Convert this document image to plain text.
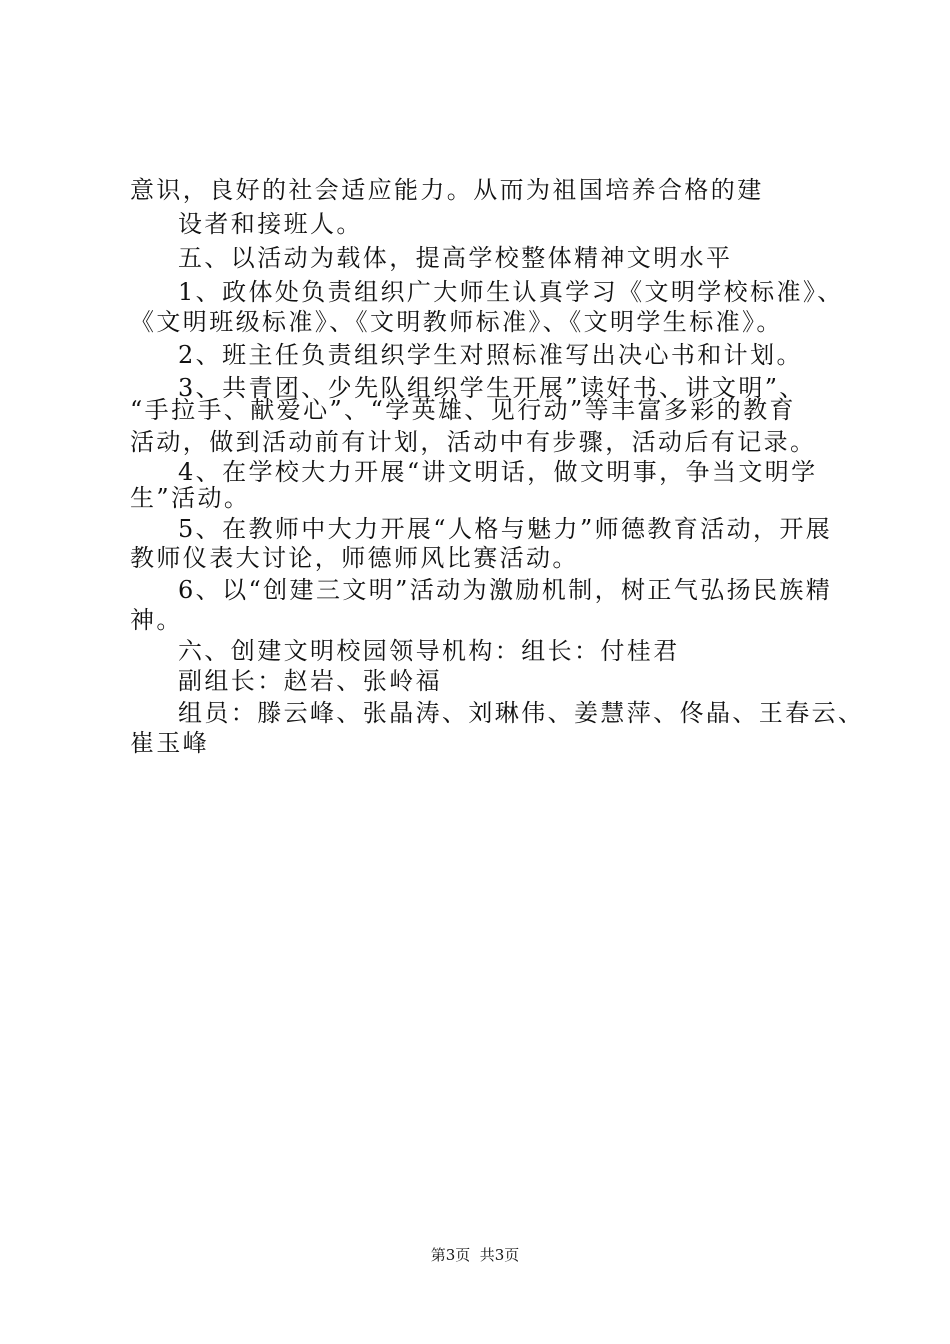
意识，良好的社会适应能力。从而为祖国培养合格的建
设者和接班人。
五、以活动为载体，提高学校整体精神文明水平
1、政体处负责组织广大师生认真学习《文明学校标准》、
《文明班级标准》、《文明教师标准》、《文明学生标准》。
2、班主任负责组织学生对照标准写出决心书和计划。
3、共青团、少先队组织学生开展”读好书、讲文明”、
“手拉手、献爱心”、“学英雄、见行动”等丰富多彩的教育
活动，做到活动前有计划，活动中有步骤，活动后有记录。
4、在学校大力开展“讲文明话，做文明事，争当文明学
生”活动。
5、在教师中大力开展“人格与魅力”师德教育活动，开展
教师仪表大讨论，师德师风比赛活动。
6、以“创建三文明”活动为激励机制，树正气弘扬民族精
神。
六、创建文明校园领导机构：组长：付桂君
副组长：赵岩、张岭福
组员：滕云峰、张晶涛、刘琳伟、姜慧萍、佟晶、王春云、
崔玉峰
第3页  共3页
